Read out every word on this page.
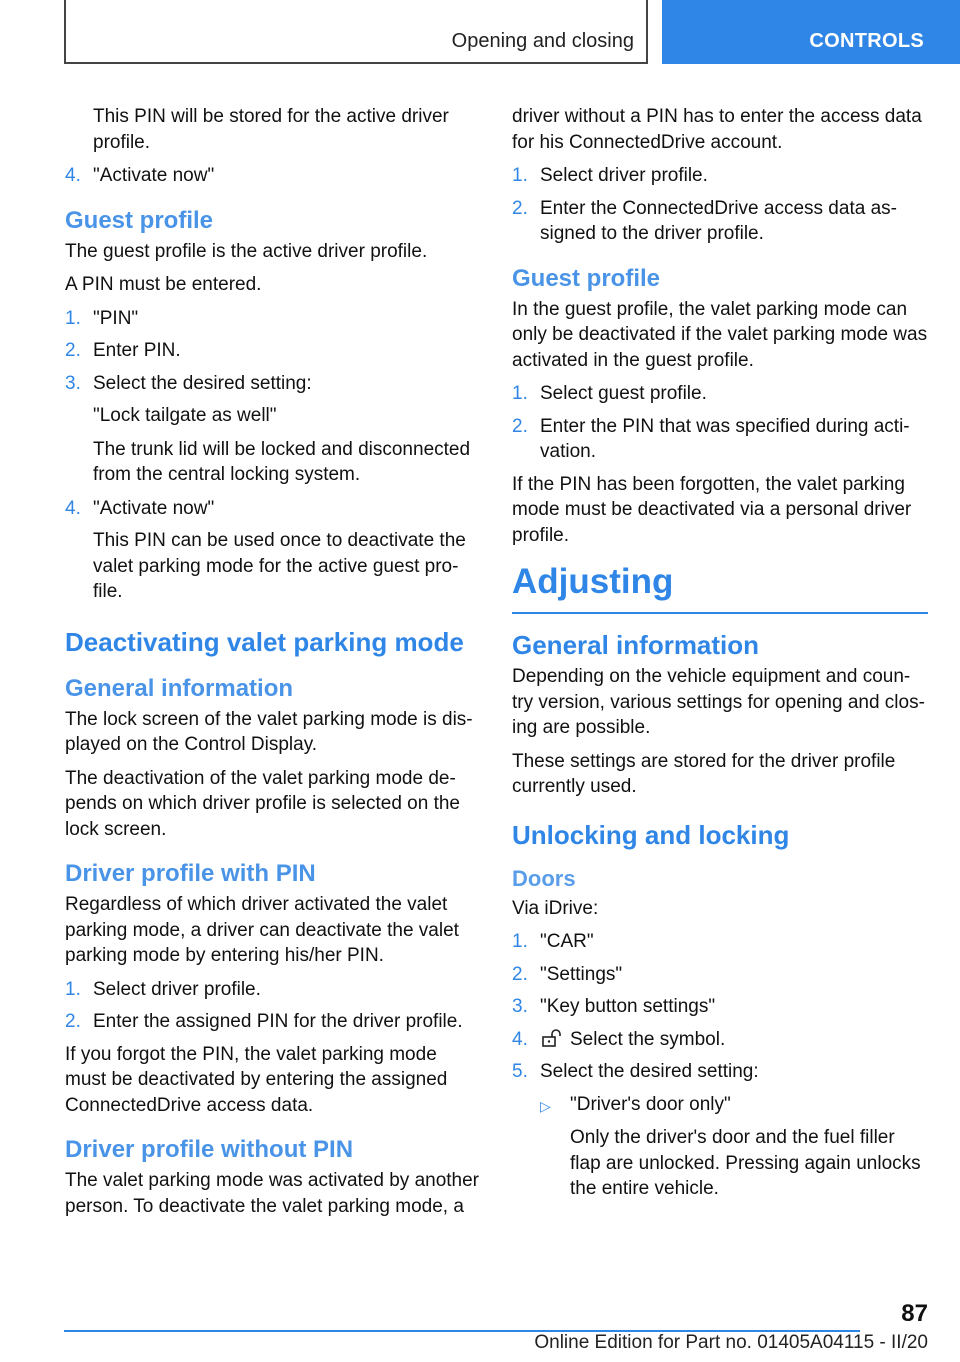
Opening and closing	CONTROLS

This PIN will be stored for the active driver profile.

4. "Activate now"
Guest profile

The guest profile is the active driver profile.

A PIN must be entered.

1. "PIN"
2. Enter PIN.
3. Select the desired setting:

"Lock tailgate as well"

The trunk lid will be locked and disconnected from the central locking system.

4. "Activate now"

This PIN can be used once to deactivate the valet parking mode for the active guest pro‐ file.

Deactivating valet parking mode
General information

The lock screen of the valet parking mode is dis‐ played on the Control Display.

The deactivation of the valet parking mode de‐ pends on which driver profile is selected on the lock screen.

Driver profile with PIN

Regardless of which driver activated the valet parking mode, a driver can deactivate the valet parking mode by entering his/her PIN.

1. Select driver profile.
2. Enter the assigned PIN for the driver profile.

If you forgot the PIN, the valet parking mode must be deactivated by entering the assigned ConnectedDrive access data.

Driver profile without PIN

The valet parking mode was activated by another person. To deactivate the valet parking mode, a

driver without a PIN has to enter the access data for his ConnectedDrive account.

1. Select driver profile.
2. Enter the ConnectedDrive access data as‐ signed to the driver profile.
Guest profile

In the guest profile, the valet parking mode can only be deactivated if the valet parking mode was activated in the guest profile.

1. Select guest profile.
2. Enter the PIN that was specified during acti‐ vation.

If the PIN has been forgotten, the valet parking mode must be deactivated via a personal driver profile.

Adjusting
General information

Depending on the vehicle equipment and coun‐ try version, various settings for opening and clos‐ ing are possible.

These settings are stored for the driver profile currently used.

Unlocking and locking
Doors

Via iDrive:

1. "CAR"
2. "Settings"
3. "Key button settings"
4.	Select the symbol.
5. Select the desired setting:
▷	"Driver's door only"

Only the driver's door and the fuel filler flap are unlocked. Pressing again unlocks the entire vehicle.

87
Online Edition for Part no. 01405A04115 - II/20
